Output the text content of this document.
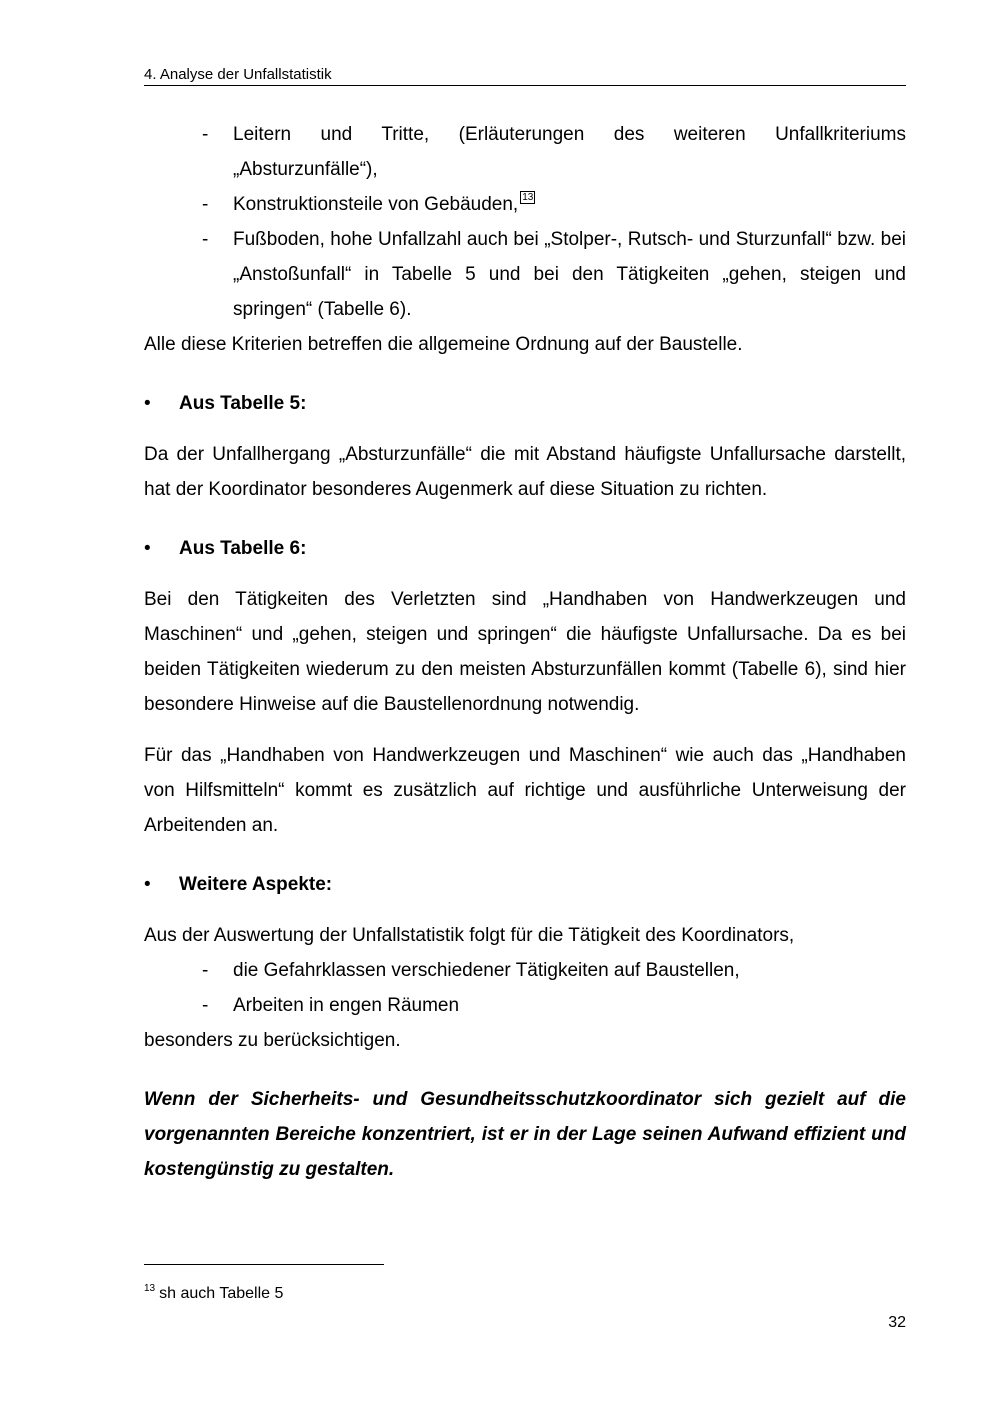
4. Analyse der Unfallstatistik
- Leitern und Tritte, (Erläuterungen des weiteren Unfallkriteriums „Absturzunfälle“),
- Konstruktionsteile von Gebäuden, 13
- Fußboden, hohe Unfallzahl auch bei „Stolper-, Rutsch- und Sturzunfall“ bzw. bei „Anstoßunfall“ in Tabelle 5 und bei den Tätigkeiten „gehen, steigen und springen“ (Tabelle 6).
Alle diese Kriterien betreffen die allgemeine Ordnung auf der Baustelle.
• Aus Tabelle 5:
Da der Unfallhergang „Absturzunfälle“ die mit Abstand häufigste Unfallursache darstellt, hat der Koordinator besonderes Augenmerk auf diese Situation zu richten.
• Aus Tabelle 6:
Bei den Tätigkeiten des Verletzten sind „Handhaben von Handwerkzeugen und Maschinen“ und „gehen, steigen und springen“ die häufigste Unfallursache. Da es bei beiden Tätigkeiten wiederum zu den meisten Absturzunfällen kommt (Tabelle 6), sind hier besondere Hinweise auf die Baustellenordnung notwendig.
Für das „Handhaben von Handwerkzeugen und Maschinen“ wie auch das „Handhaben von Hilfsmitteln“ kommt es zusätzlich auf richtige und ausführliche Unterweisung der Arbeitenden an.
• Weitere Aspekte:
Aus der Auswertung der Unfallstatistik folgt für die Tätigkeit des Koordinators,
- die Gefahrklassen verschiedener Tätigkeiten auf Baustellen,
- Arbeiten in engen Räumen
besonders zu berücksichtigen.
Wenn der Sicherheits- und Gesundheitsschutzkoordinator sich gezielt auf die vorgenannten Bereiche konzentriert, ist er in der Lage seinen Aufwand effizient und kostengünstig zu gestalten.
$^{13}$ sh auch Tabelle 5
32
